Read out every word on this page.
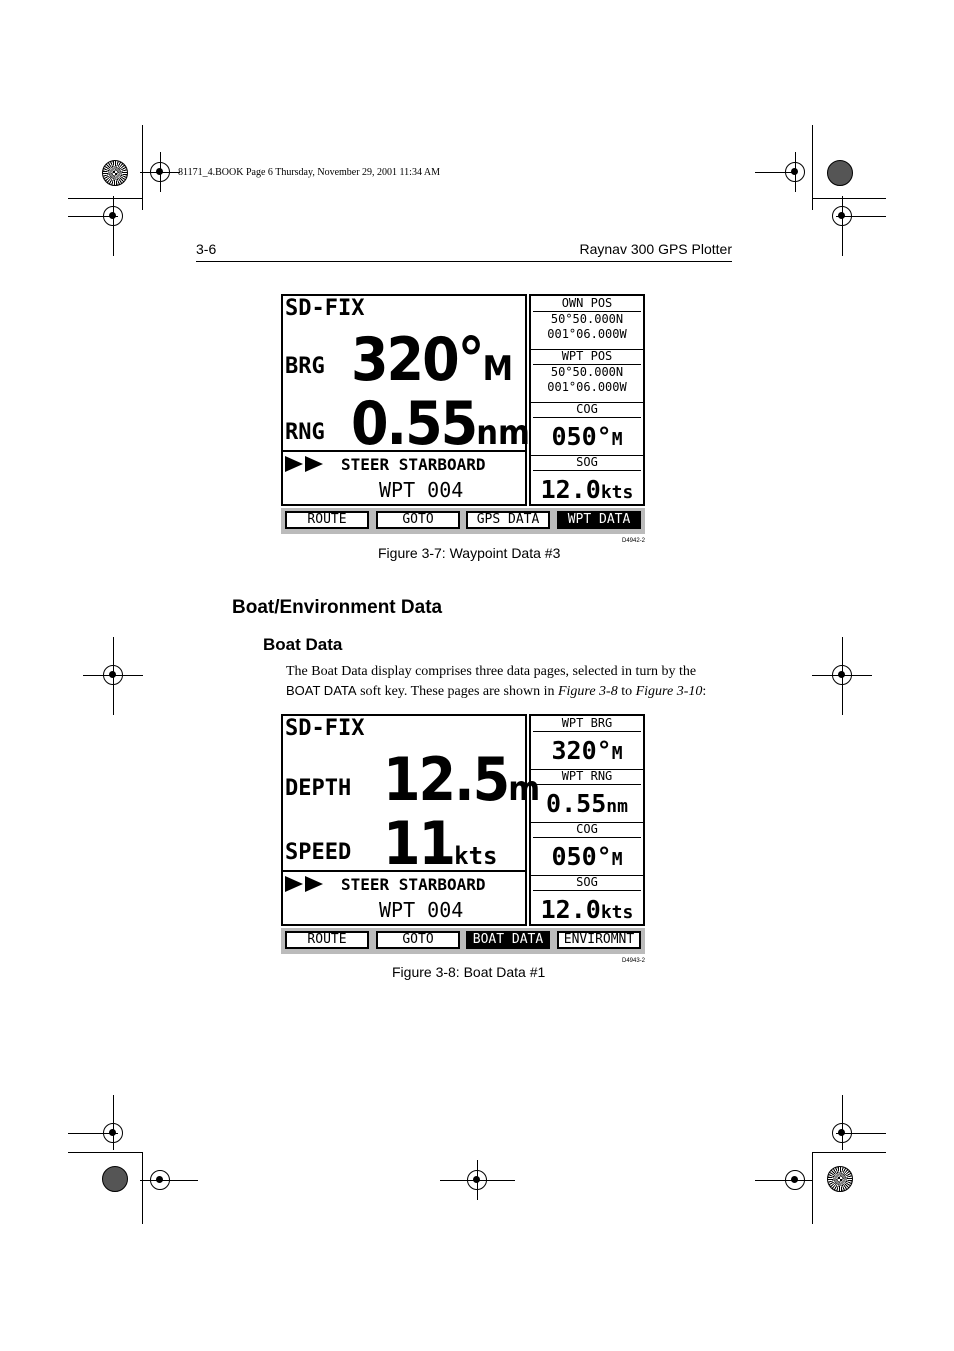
81171_4.BOOK Page 6 Thursday, November 29, 2001 11:34 AM
3-6	Raynav 300 GPS Plotter
SD-FIX
BRG 320°M
RNG 0.55nm
STEER STARBOARD
WPT 004
OWN POS
50°50.000N
001°06.000W
WPT POS
50°50.000N
001°06.000W
COG
050°M
SOG
12.0kts
ROUTE	GOTO	GPS DATA	WPT DATA
D4942-2
Figure 3-7: Waypoint Data #3
Boat/Environment Data
Boat Data
The Boat Data display comprises three data pages, selected in turn by the
BOAT DATA soft key. These pages are shown in Figure 3-8 to Figure 3-10:
SD-FIX
DEPTH 12.5m
SPEED 11kts
STEER STARBOARD
WPT 004
WPT BRG
320°M
WPT RNG
0.55nm
COG
050°M
SOG
12.0kts
ROUTE	GOTO	BOAT DATA	ENVIROMNT
D4943-2
Figure 3-8: Boat Data #1
